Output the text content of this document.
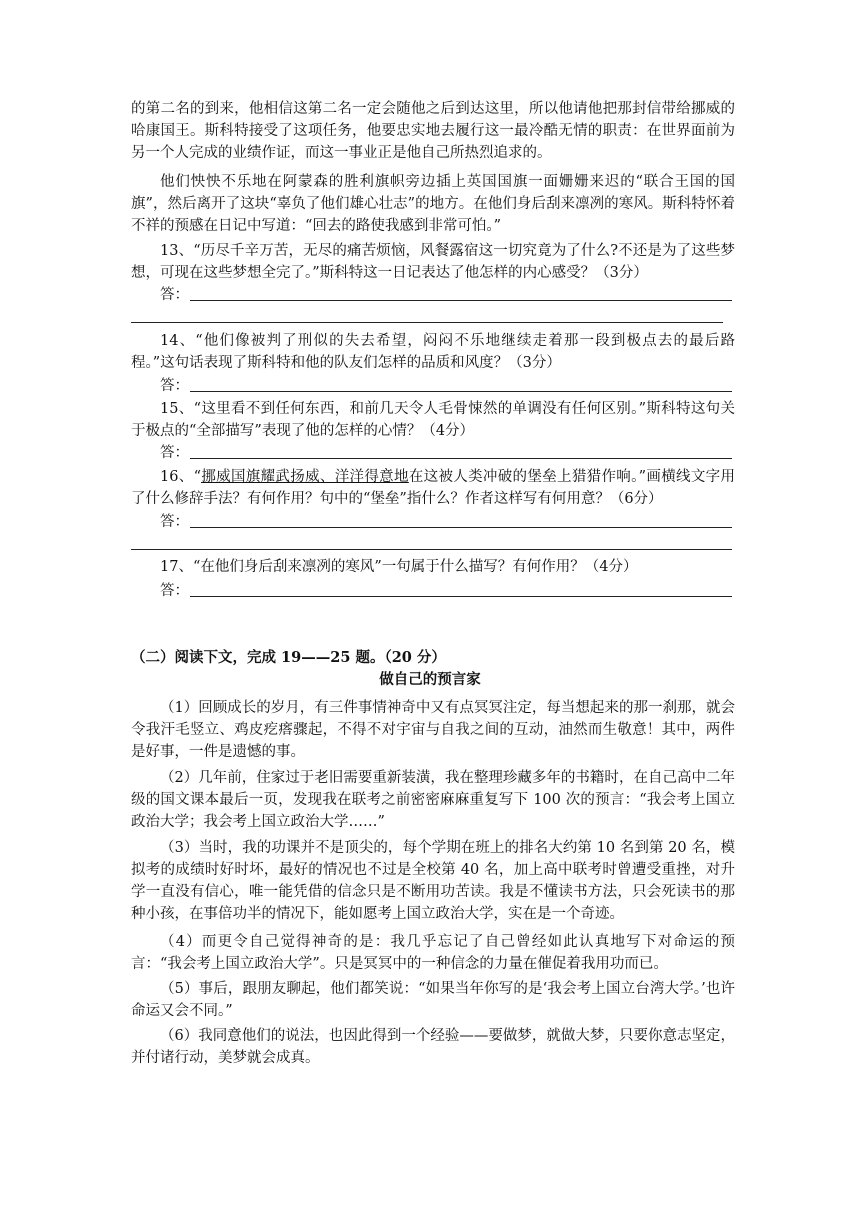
的第二名的到来，他相信这第二名一定会随他之后到达这里，所以他请他把那封信带给挪威的哈康国王。斯科特接受了这项任务，他要忠实地去履行这一最冷酷无情的职责：在世界面前为另一个人完成的业绩作证，而这一事业正是他自己所热烈追求的。

他们怏怏不乐地在阿蒙森的胜利旗帜旁边插上英国国旗一面姗姗来迟的“联合王国的国旗”，然后离开了这块“辜负了他们雄心壮志”的地方。在他们身后刮来凛冽的寒风。斯科特怀着不祥的预感在日记中写道：“回去的路使我感到非常可怕。”

13、“历尽千辛万苦，无尽的痛苦烦恼，风餐露宿这一切究竟为了什么?不还是为了这些梦想，可现在这些梦想全完了。”斯科特这一日记表达了他怎样的内心感受？（3分）

答：

14、“他们像被判了刑似的失去希望，闷闷不乐地继续走着那一段到极点去的最后路程。”这句话表现了斯科特和他的队友们怎样的品质和风度？（3分）

答：

15、“这里看不到任何东西，和前几天令人毛骨悚然的单调没有任何区别。”斯科特这句关于极点的“全部描写”表现了他的怎样的心情？（4分）

答：

16、“挪威国旗耀武扬威、洋洋得意地在这被人类冲破的堡垒上猎猎作响。”画横线文字用了什么修辞手法？有何作用？句中的“堡垒”指什么？作者这样写有何用意？（6分）

答：

17、“在他们身后刮来凛冽的寒风”一句属于什么描写？有何作用？（4分）

答：
（二）阅读下文，完成 19——25 题。（20 分）
做自己的预言家

（1）回顾成长的岁月，有三件事情神奇中又有点冥冥注定，每当想起来的那一刹那，就会令我汗毛竖立、鸡皮疙瘩骤起，不得不对宇宙与自我之间的互动，油然而生敬意！其中，两件是好事，一件是遗憾的事。

（2）几年前，住家过于老旧需要重新装潢，我在整理珍藏多年的书籍时，在自己高中二年级的国文课本最后一页，发现我在联考之前密密麻麻重复写下 100 次的预言：“我会考上国立政治大学；我会考上国立政治大学……”

（3）当时，我的功课并不是顶尖的，每个学期在班上的排名大约第 10 名到第 20 名，模拟考的成绩时好时坏，最好的情况也不过是全校第 40 名，加上高中联考时曾遭受重挫，对升学一直没有信心，唯一能凭借的信念只是不断用功苦读。我是不懂读书方法，只会死读书的那种小孩，在事倍功半的情况下，能如愿考上国立政治大学，实在是一个奇迹。

（4）而更令自己觉得神奇的是：我几乎忘记了自己曾经如此认真地写下对命运的预言：“我会考上国立政治大学”。只是冥冥中的一种信念的力量在催促着我用功而已。

（5）事后，跟朋友聊起，他们都笑说：“如果当年你写的是‘我会考上国立台湾大学。’也许命运又会不同。”

（6）我同意他们的说法，也因此得到一个经验——要做梦，就做大梦，只要你意志坚定，并付诸行动，美梦就会成真。
